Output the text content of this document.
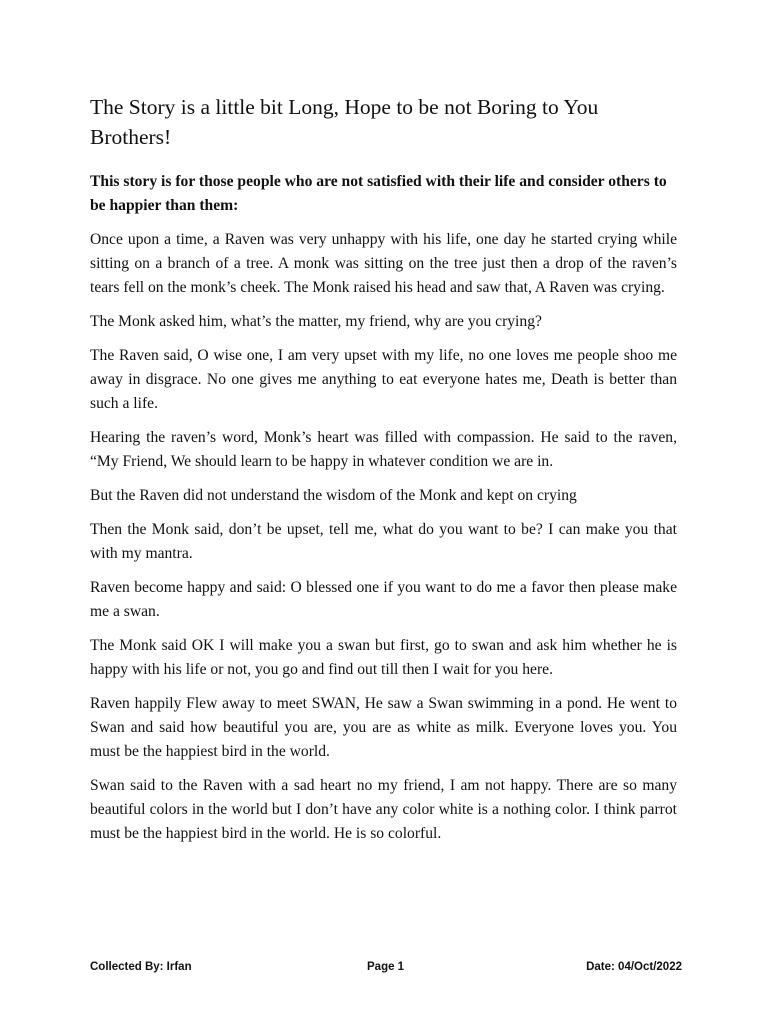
The Story is a little bit Long, Hope to be not Boring to You Brothers!

This story is for those people who are not satisfied with their life and consider others to be happier than them:

Once upon a time, a Raven was very unhappy with his life, one day he started crying while sitting on a branch of a tree. A monk was sitting on the tree just then a drop of the raven’s tears fell on the monk’s cheek. The Monk raised his head and saw that, A Raven was crying.

The Monk asked him, what’s the matter, my friend, why are you crying?

The Raven said, O wise one, I am very upset with my life, no one loves me people shoo me away in disgrace. No one gives me anything to eat everyone hates me, Death is better than such a life.

Hearing the raven’s word, Monk’s heart was filled with compassion. He said to the raven, “My Friend, We should learn to be happy in whatever condition we are in.

But the Raven did not understand the wisdom of the Monk and kept on crying

Then the Monk said, don’t be upset, tell me, what do you want to be? I can make you that with my mantra.

Raven become happy and said: O blessed one if you want to do me a favor then please make me a swan.

The Monk said OK I will make you a swan but first, go to swan and ask him whether he is happy with his life or not, you go and find out till then I wait for you here.

Raven happily Flew away to meet SWAN, He saw a Swan swimming in a pond. He went to Swan and said how beautiful you are, you are as white as milk. Everyone loves you. You must be the happiest bird in the world.

Swan said to the Raven with a sad heart no my friend, I am not happy. There are so many beautiful colors in the world but I don’t have any color white is a nothing color. I think parrot must be the happiest bird in the world. He is so colorful.

Collected By: Irfan	Page 1	Date: 04/Oct/2022
